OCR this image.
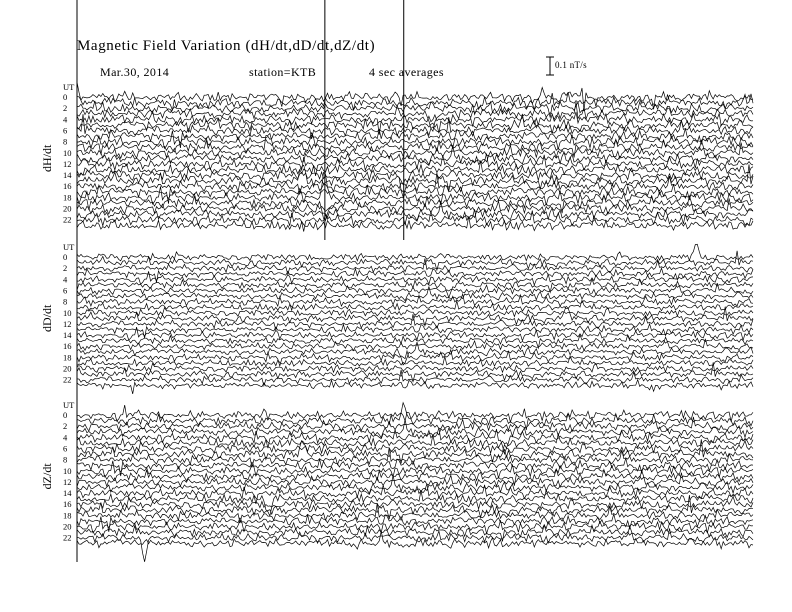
Magnetic Field Variation (dH/dt,dD/dt,dZ/dt)
Mar.30, 2014	station=KTB	4 sec averages	0.1 nT/s
UT
dH/dt
0
2
4
6
8
10
12
14
16
18
20
22
UT
dD/dt
0
2
4
6
8
10
12
14
16
18
20
22
UT
dZ/dt
0
2
4
6
8
10
12
14
16
18
20
22
